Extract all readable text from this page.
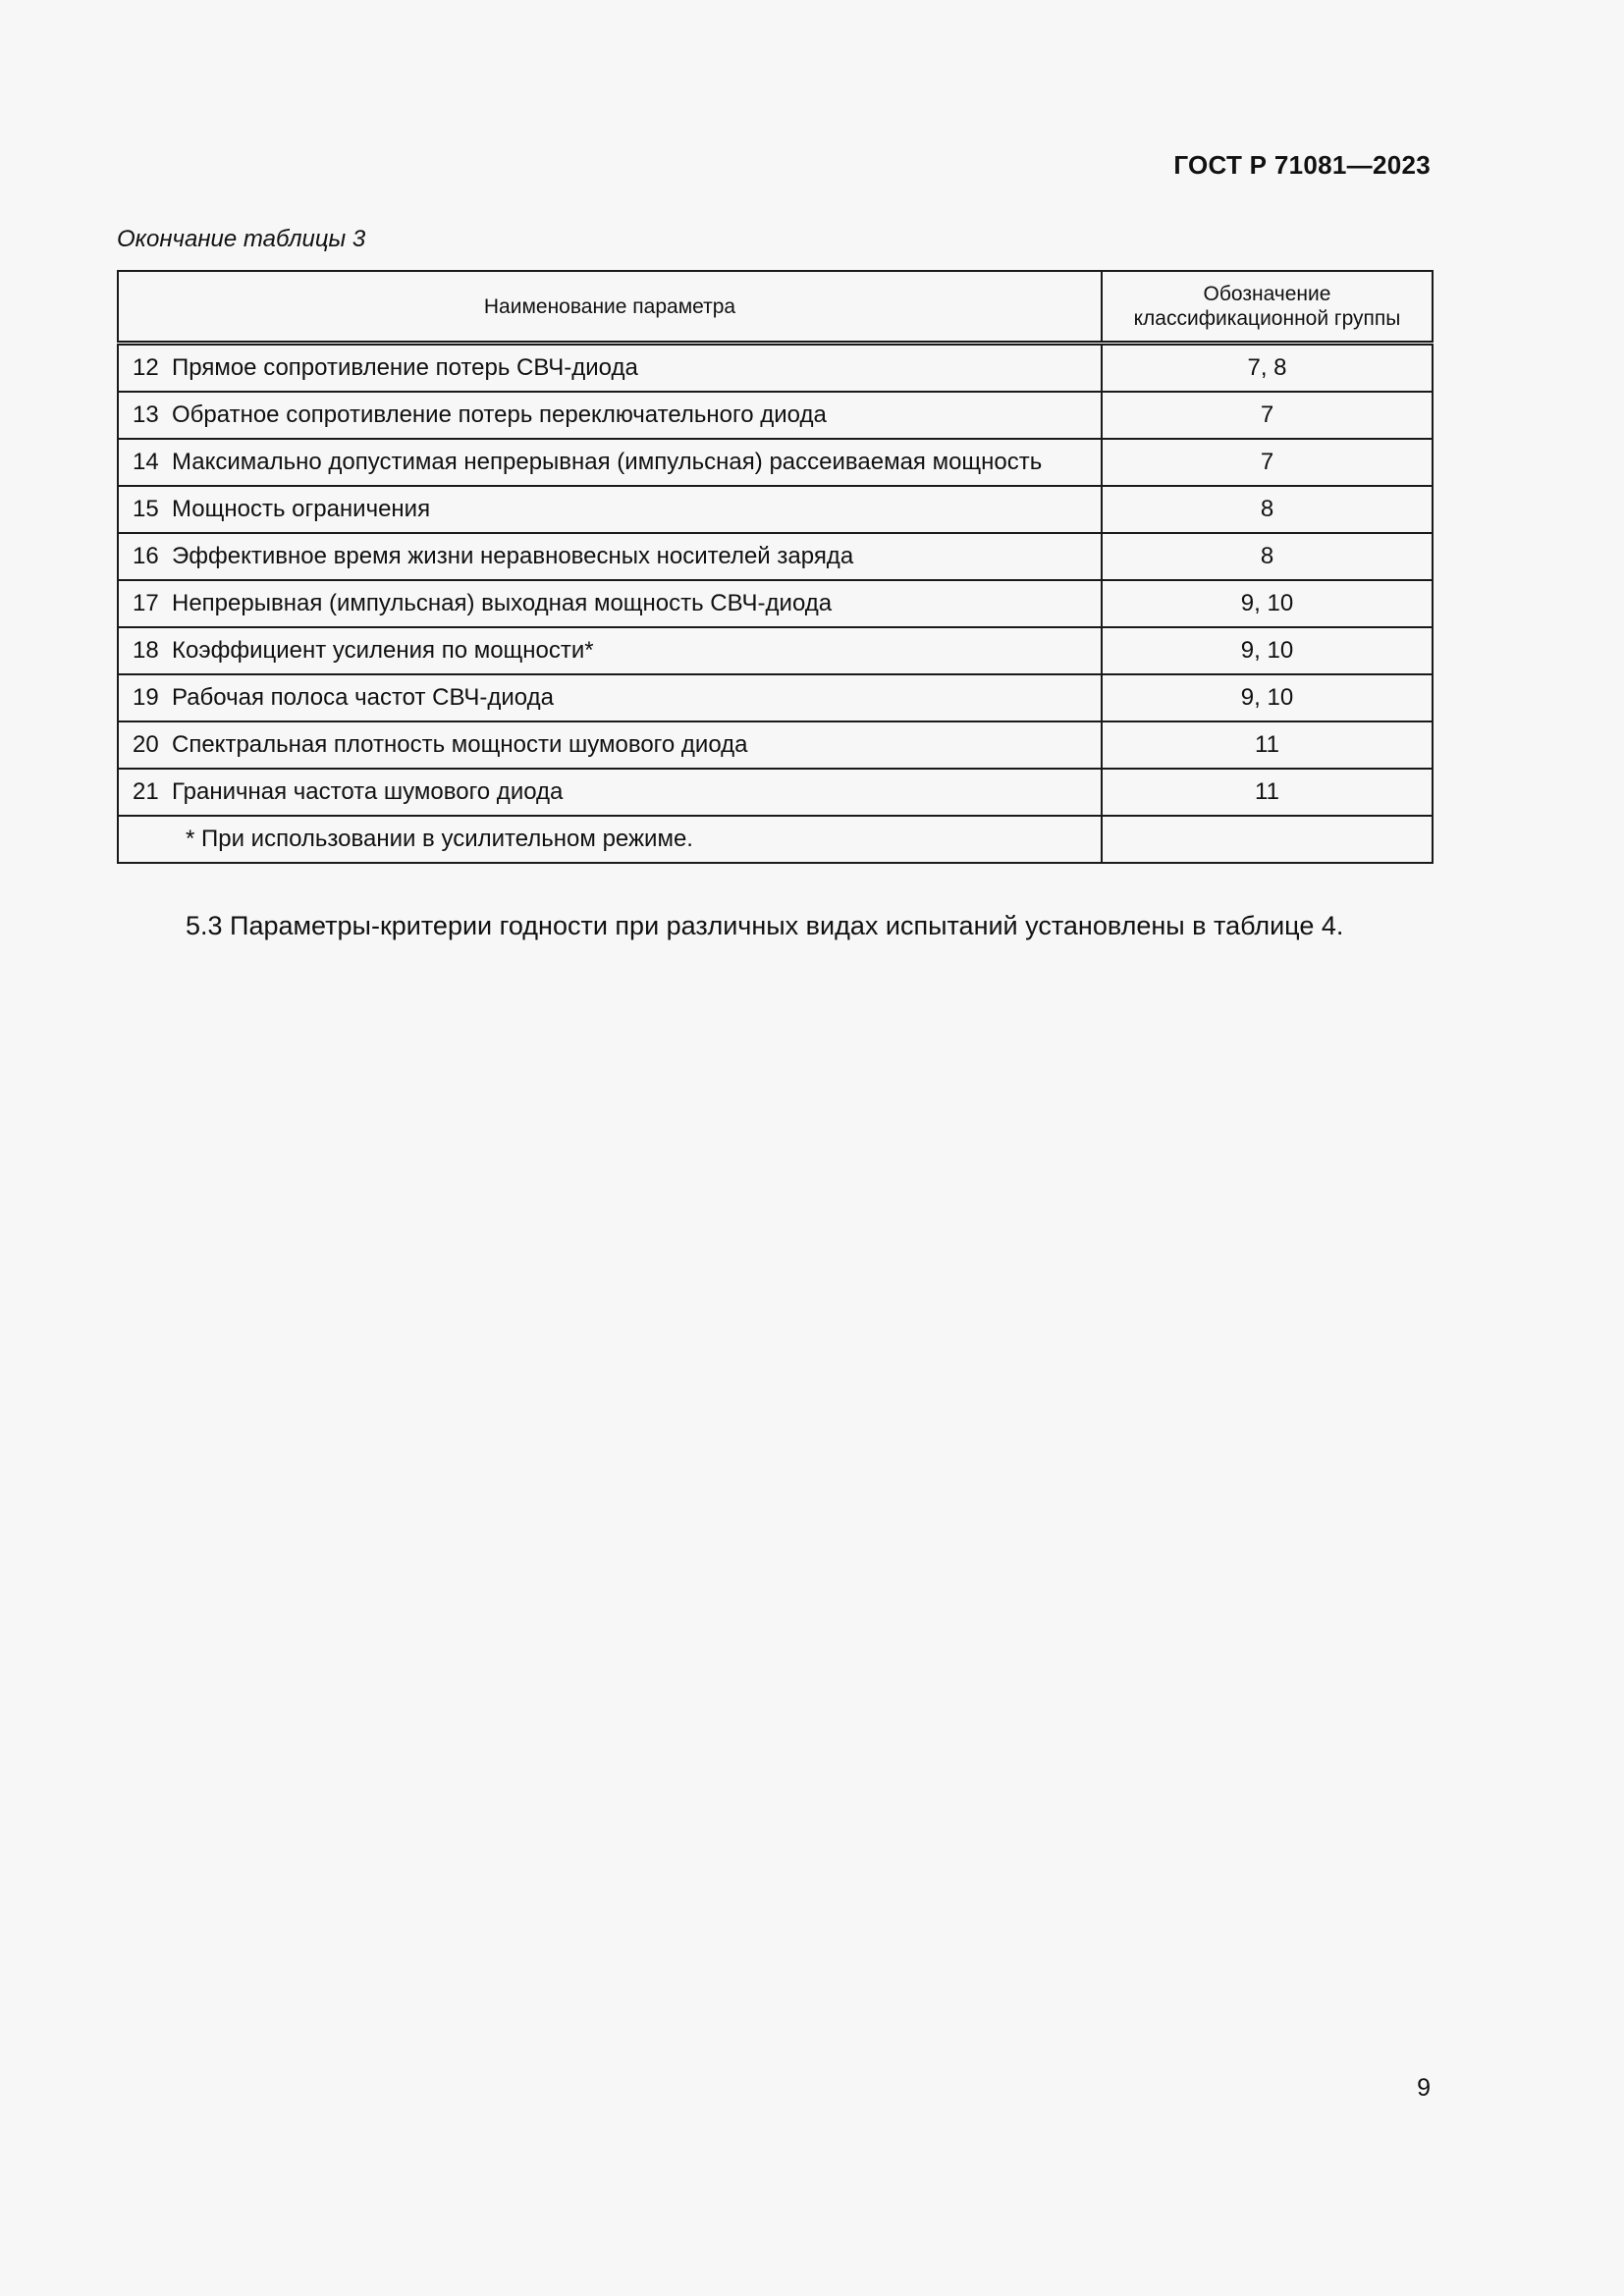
ГОСТ Р 71081—2023
Окончание таблицы 3
Наименование параметра	Обозначение
классификационной группы
12 Прямое сопротивление потерь СВЧ-диода	7, 8
13 Обратное сопротивление потерь переключательного диода	7
14 Максимально допустимая непрерывная (импульсная) рассеиваемая мощность	7
15 Мощность ограничения	8
16 Эффективное время жизни неравновесных носителей заряда	8
17 Непрерывная (импульсная) выходная мощность СВЧ-диода	9, 10
18 Коэффициент усиления по мощности*	9, 10
19 Рабочая полоса частот СВЧ-диода	9, 10
20 Спектральная плотность мощности шумового диода	11
21 Граничная частота шумового диода	11
* При использовании в усилительном режиме.	
5.3 Параметры-критерии годности при различных видах испытаний установлены в таблице 4.
9
